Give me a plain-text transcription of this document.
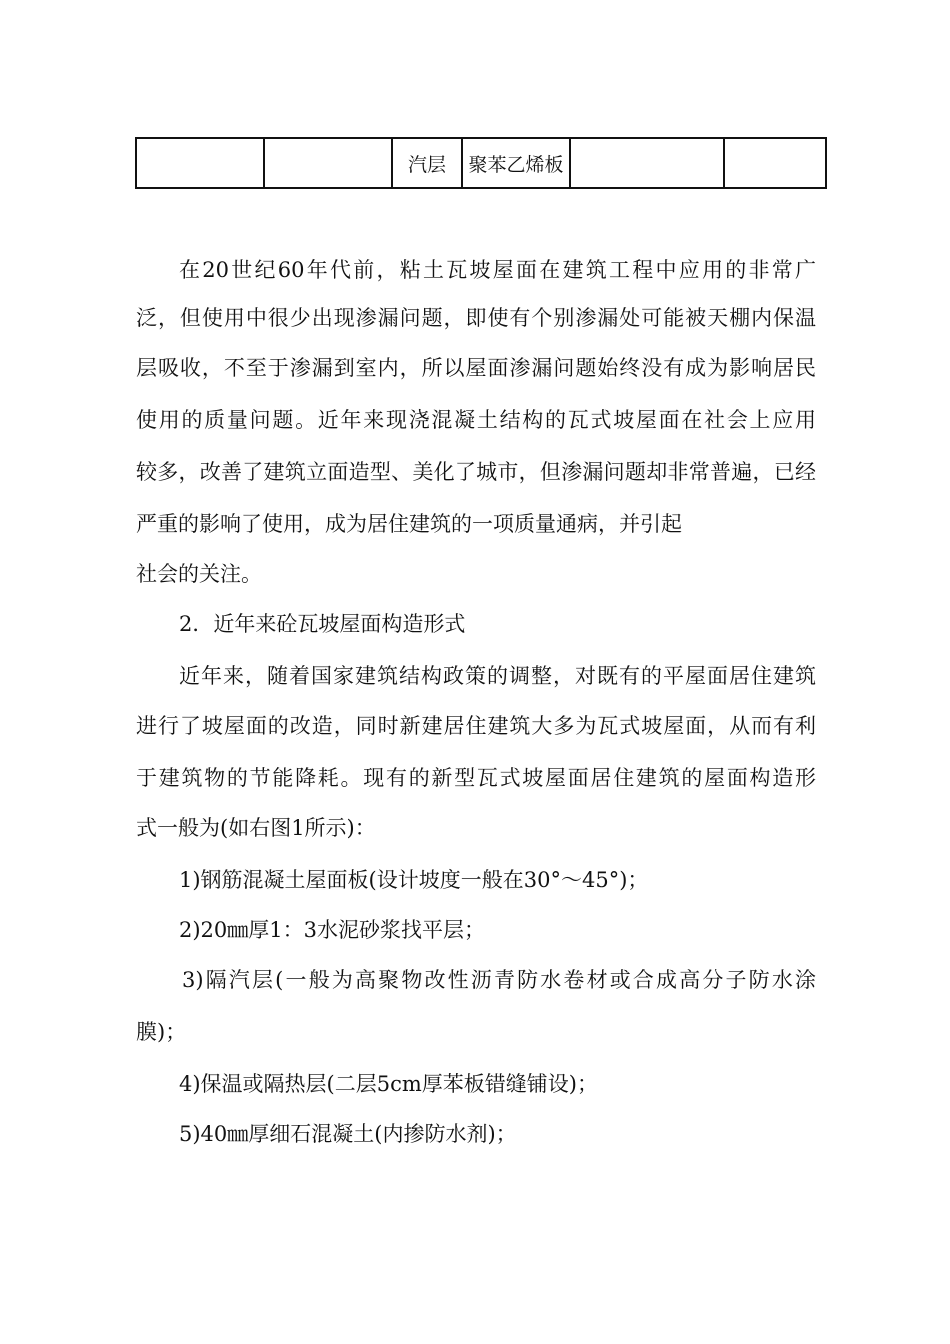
		汽层	聚苯乙烯板		
在20世纪60年代前，粘土瓦坡屋面在建筑工程中应用的非常广
泛，但使用中很少出现渗漏问题，即使有个别渗漏处可能被天棚内保温
层吸收，不至于渗漏到室内，所以屋面渗漏问题始终没有成为影响居民
使用的质量问题。近年来现浇混凝土结构的瓦式坡屋面在社会上应用
较多，改善了建筑立面造型、美化了城市，但渗漏问题却非常普遍，已经
严重的影响了使用，成为居住建筑的一项质量通病，并引起
社会的关注。
2．近年来砼瓦坡屋面构造形式
近年来，随着国家建筑结构政策的调整，对既有的平屋面居住建筑
进行了坡屋面的改造，同时新建居住建筑大多为瓦式坡屋面，从而有利
于建筑物的节能降耗。现有的新型瓦式坡屋面居住建筑的屋面构造形
式一般为(如右图1所示)：
1)钢筋混凝土屋面板(设计坡度一般在30°～45°)；
2)20㎜厚1：3水泥砂浆找平层；
3)隔汽层(一般为高聚物改性沥青防水卷材或合成高分子防水涂
膜)；
4)保温或隔热层(二层5cm厚苯板错缝铺设)；
5)40㎜厚细石混凝土(内掺防水剂)；
